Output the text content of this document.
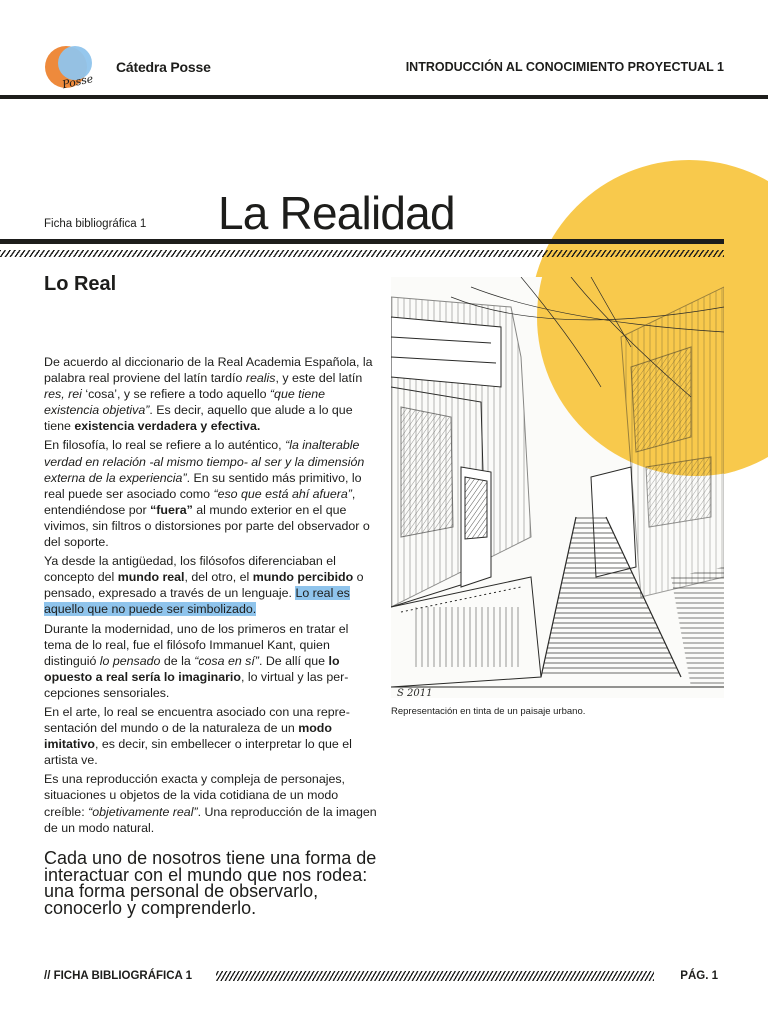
Posse
Cátedra Posse	INTRODUCCIÓN AL CONOCIMIENTO PROYECTUAL 1
S 2011
Representación en tinta de un paisaje urbano.
Ficha bibliográfica 1 La Realidad
Lo Real

De acuerdo al diccionario de la Real Academia Española, la palabra real proviene del latín tardío realis, y este del latín res, rei ‘cosa’, y se refiere a todo aquello “que tiene existencia objetiva”. Es decir, aquello que alude a lo que tiene existencia verdadera y efectiva.

En filosofía, lo real se refiere a lo auténtico, “la inalterable verdad en relación -al mismo tiempo- al ser y la dimensión externa de la experiencia”. En su sentido más primitivo, lo real puede ser asociado como “eso que está ahí afuera”, entendiéndose por “fuera” al mundo exterior en el que vivimos, sin filtros o distorsiones por parte del observador o del soporte.

Ya desde la antigüedad, los filósofos diferenciaban el concepto del mundo real, del otro, el mundo percibido o pensado, expresado a través de un lenguaje. Lo real es aquello que no puede ser simbolizado.

Durante la modernidad, uno de los primeros en tratar el tema de lo real, fue el filósofo Immanuel Kant, quien distinguió lo pensado de la “cosa en sí”. De allí que lo opuesto a real sería lo imaginario, lo virtual y las percepciones sensoriales.

En el arte, lo real se encuentra asociado con una representación del mundo o de la naturaleza de un modo imitativo, es decir, sin embellecer o interpretar lo que el artista ve.

Es una reproducción exacta y compleja de personajes, situaciones u objetos de la vida cotidiana de un modo creíble: “objetivamente real”. Una reproducción de la imagen de un modo natural.

Cada uno de nosotros tiene una forma de interactuar con el mundo que nos rodea: una forma personal de observarlo, conocerlo y comprenderlo.

// FICHA BIBLIOGRÁFICA 1	PÁG. 1
